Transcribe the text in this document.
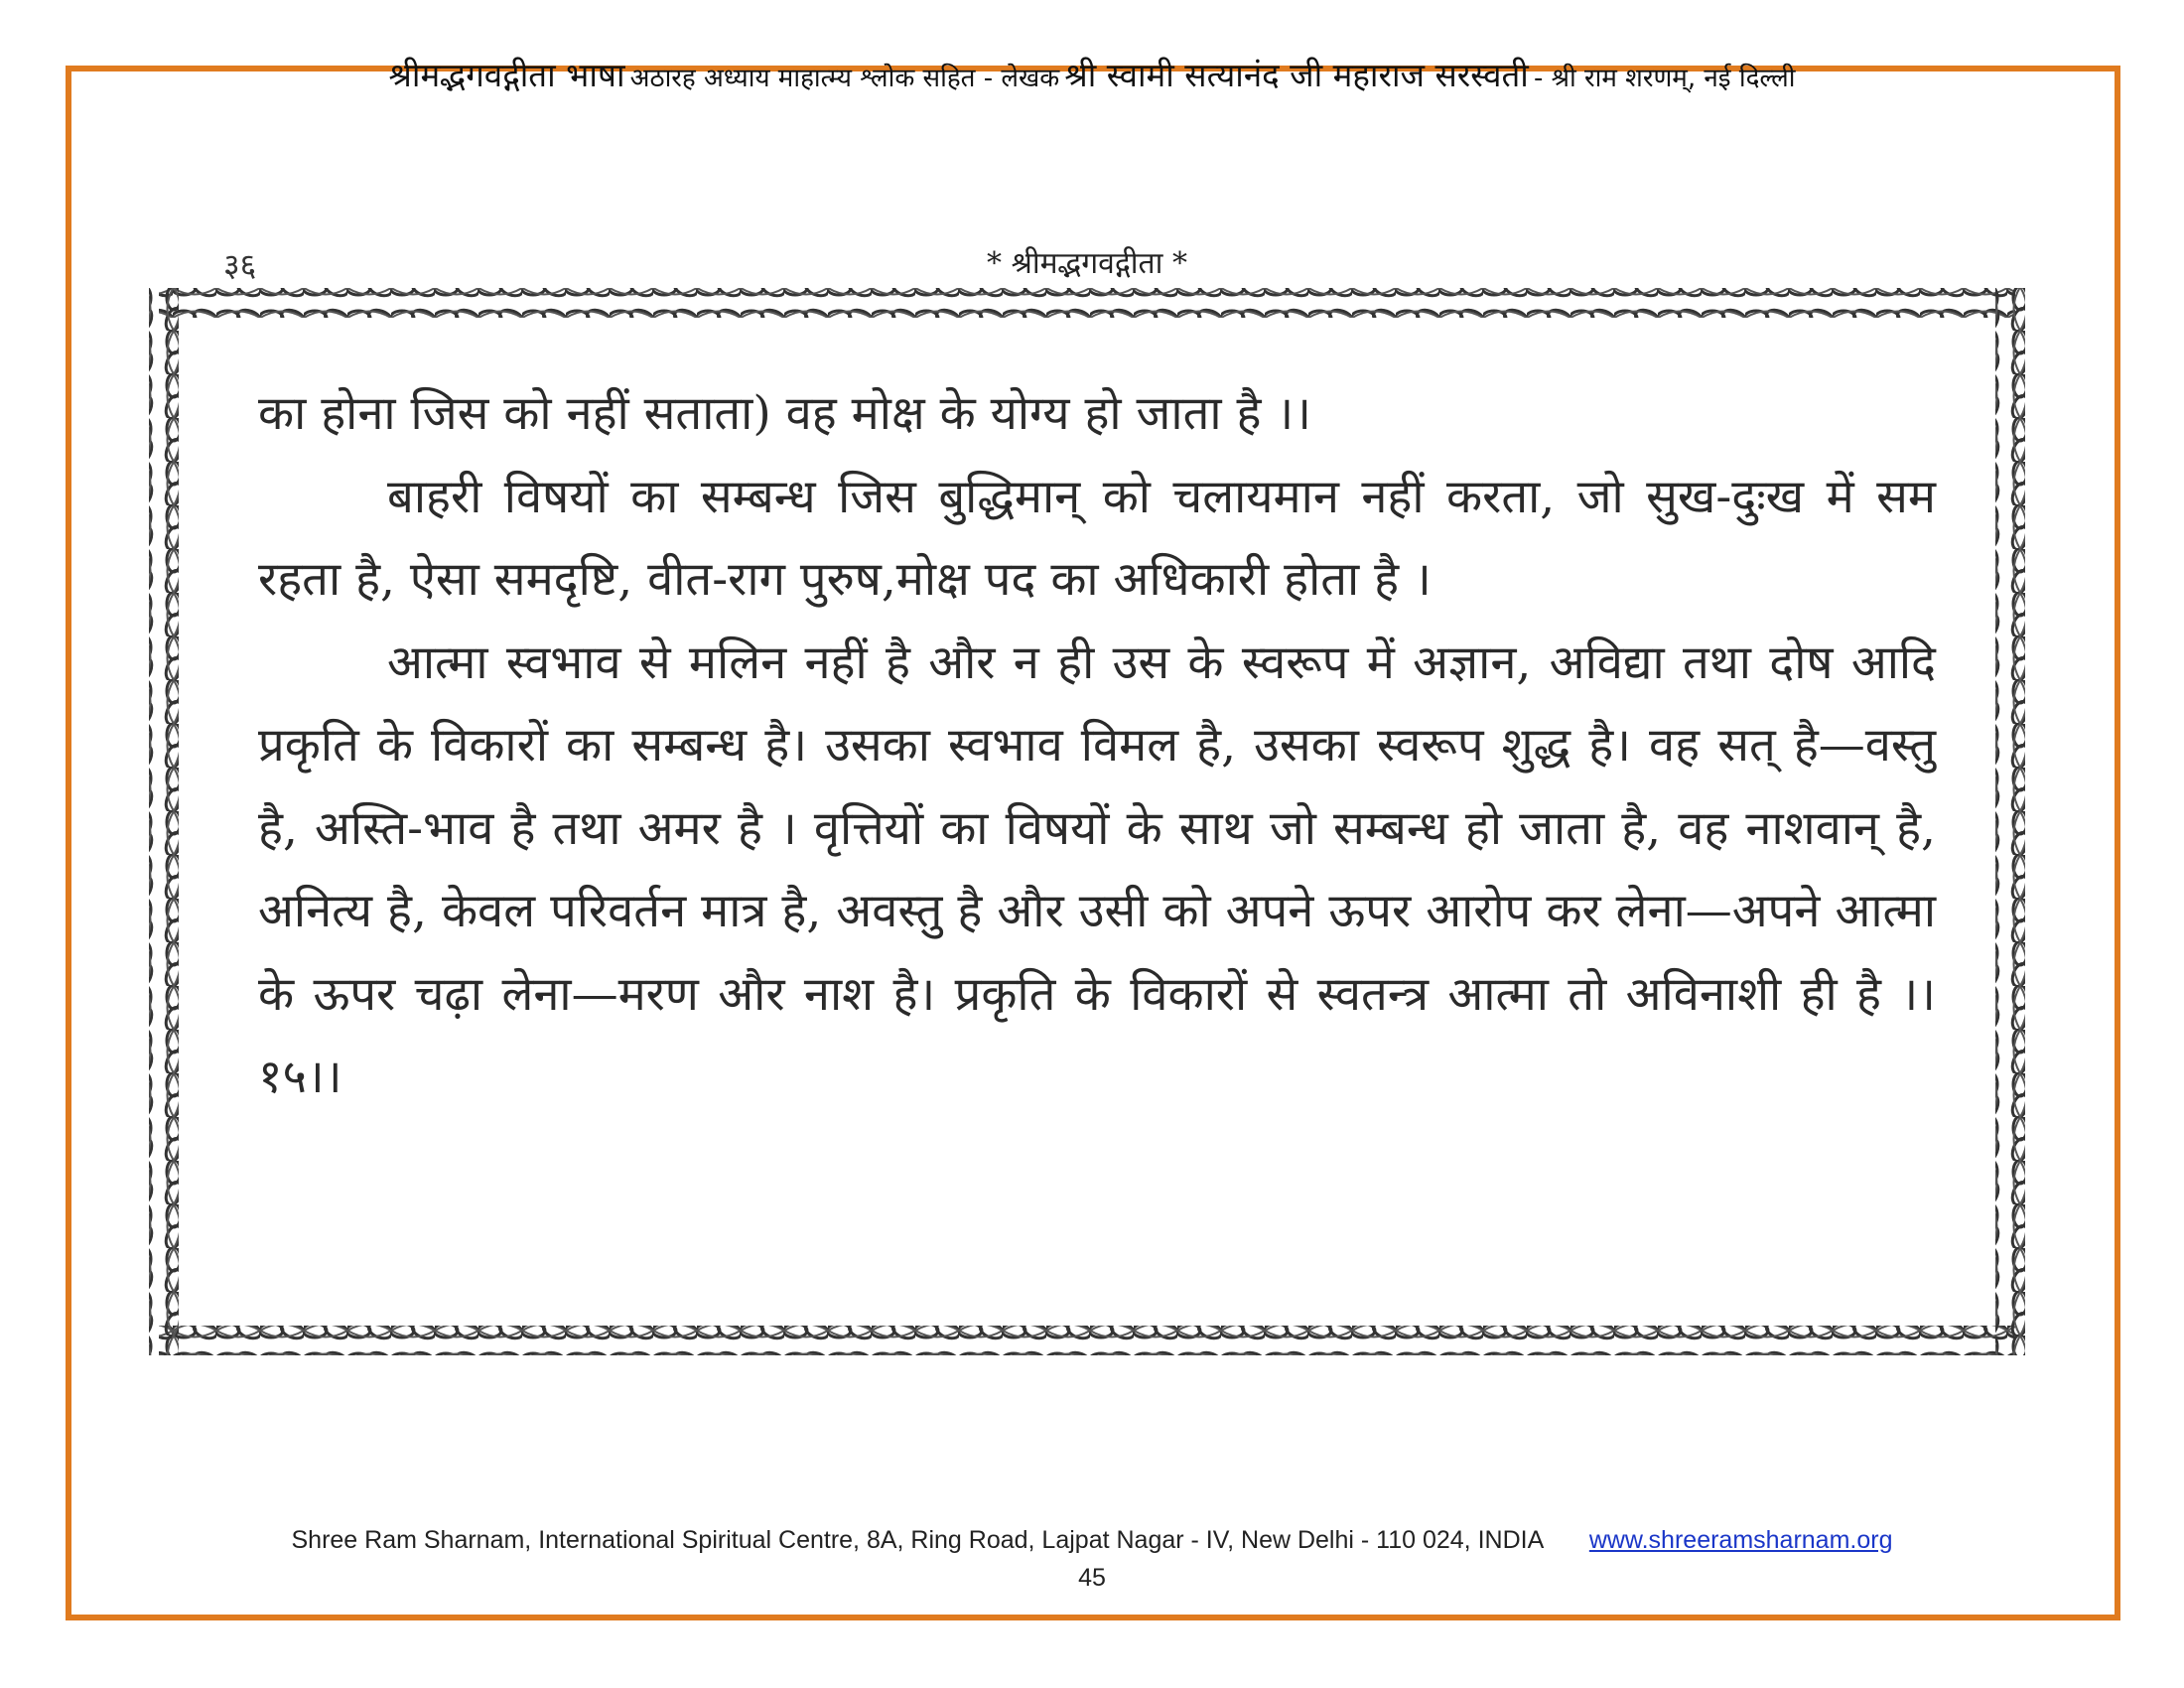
श्रीमद्भगवद्गीता भाषा अठारह अध्याय माहात्म्य श्लोक सहित - लेखक श्री स्वामी सत्यानंद जी महाराज सरस्वती - श्री राम शरणम्, नई दिल्ली
३६	* श्रीमद्भगवद्गीता *

का होना जिस को नहीं सताता) वह मोक्ष के योग्य हो जाता है ।।

बाहरी विषयों का सम्बन्ध जिस बुद्धिमान् को चलायमान नहीं करता, जो सुख-दुःख में सम रहता है, ऐसा समदृष्टि, वीत-राग पुरुष,मोक्ष पद का अधिकारी होता है ।

आत्मा स्वभाव से मलिन नहीं है और न ही उस के स्वरूप में अज्ञान, अविद्या तथा दोष आदि प्रकृति के विकारों का सम्बन्ध है। उसका स्वभाव विमल है, उसका स्वरूप शुद्ध है। वह सत् है—वस्तु है, अस्ति-भाव है तथा अमर है । वृत्तियों का विषयों के साथ जो सम्बन्ध हो जाता है, वह नाशवान् है, अनित्य है, केवल परिवर्तन मात्र है, अवस्तु है और उसी को अपने ऊपर आरोप कर लेना—अपने आत्मा के ऊपर चढ़ा लेना—मरण और नाश है। प्रकृति के विकारों से स्वतन्त्र आत्मा तो अविनाशी ही है ।।१५।।

Shree Ram Sharnam, International Spiritual Centre, 8A, Ring Road, Lajpat Nagar - IV, New Delhi - 110 024, INDIA www.shreeramsharnam.org
45
